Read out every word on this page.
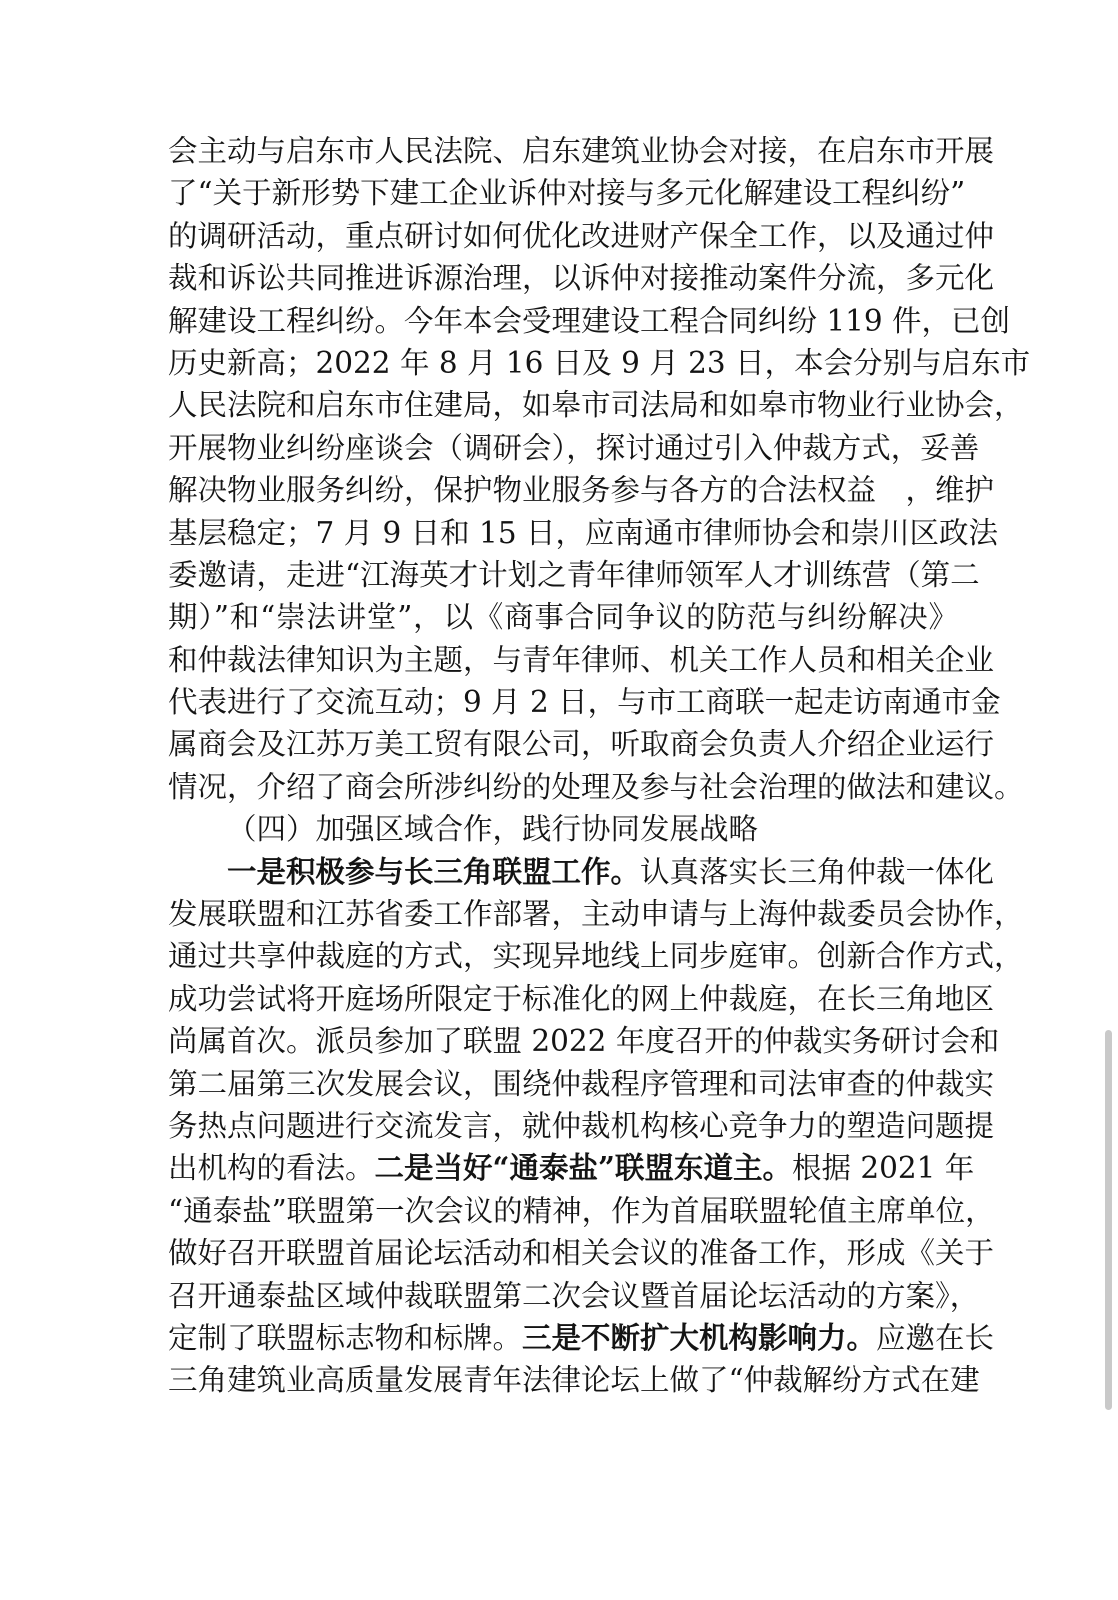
会主动与启东市人民法院、启东建筑业协会对接，在启东市开展
了“关于新形势下建工企业诉仲对接与多元化解建设工程纠纷”
的调研活动，重点研讨如何优化改进财产保全工作，以及通过仲
裁和诉讼共同推进诉源治理，以诉仲对接推动案件分流，多元化
解建设工程纠纷。今年本会受理建设工程合同纠纷 119 件，已创
历史新高；2022 年 8 月 16 日及 9 月 23 日，本会分别与启东市
人民法院和启东市住建局，如皋市司法局和如皋市物业行业协会，
开展物业纠纷座谈会（调研会），探讨通过引入仲裁方式，妥善
解决物业服务纠纷，保护物业服务参与各方的合法权益　，维护
基层稳定；7 月 9 日和 15 日，应南通市律师协会和崇川区政法
委邀请，走进“江海英才计划之青年律师领军人才训练营（第二
期）”和“崇法讲堂”，以《商事合同争议的防范与纠纷解决》
和仲裁法律知识为主题，与青年律师、机关工作人员和相关企业
代表进行了交流互动；9 月 2 日，与市工商联一起走访南通市金
属商会及江苏万美工贸有限公司，听取商会负责人介绍企业运行
情况，介绍了商会所涉纠纷的处理及参与社会治理的做法和建议。
（四）加强区域合作，践行协同发展战略
一是积极参与长三角联盟工作。认真落实长三角仲裁一体化
发展联盟和江苏省委工作部署，主动申请与上海仲裁委员会协作，
通过共享仲裁庭的方式，实现异地线上同步庭审。创新合作方式，
成功尝试将开庭场所限定于标准化的网上仲裁庭，在长三角地区
尚属首次。派员参加了联盟 2022 年度召开的仲裁实务研讨会和
第二届第三次发展会议，围绕仲裁程序管理和司法审查的仲裁实
务热点问题进行交流发言，就仲裁机构核心竞争力的塑造问题提
出机构的看法。二是当好“通泰盐”联盟东道主。根据 2021 年
“通泰盐”联盟第一次会议的精神，作为首届联盟轮值主席单位，
做好召开联盟首届论坛活动和相关会议的准备工作，形成《关于
召开通泰盐区域仲裁联盟第二次会议暨首届论坛活动的方案》，
定制了联盟标志物和标牌。三是不断扩大机构影响力。应邀在长
三角建筑业高质量发展青年法律论坛上做了“仲裁解纷方式在建
